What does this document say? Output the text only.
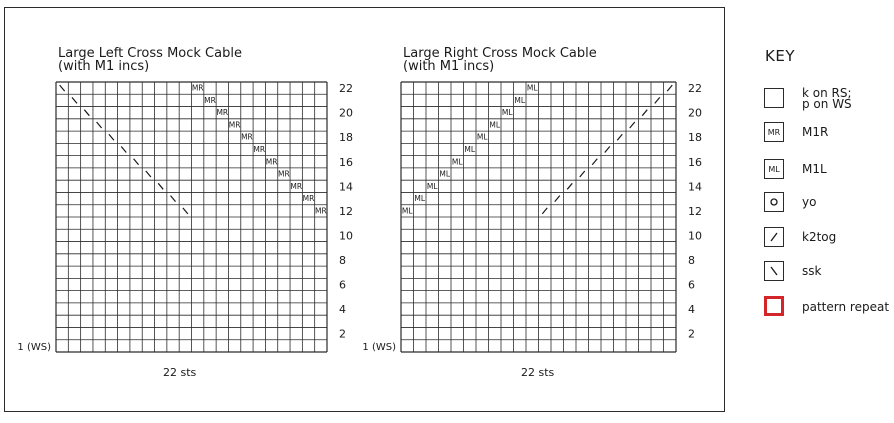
Large Left Cross Mock Cable
(with M1 incs)
Large Right Cross Mock Cable
(with M1 incs)
MR
MR
MR
MR
MR
MR
MR
MR
MR
MR
MR
22
20
18
16
14
12
10
8
6
4
2
1 (WS)
ML
ML
ML
ML
ML
ML
ML
ML
ML
ML
ML
22
20
18
16
14
12
10
8
6
4
2
1 (WS)
22 sts	22 sts
KEY
k on RS;
p on WS
MR	M1R
ML	M1L
yo
k2tog
ssk
pattern repeat
